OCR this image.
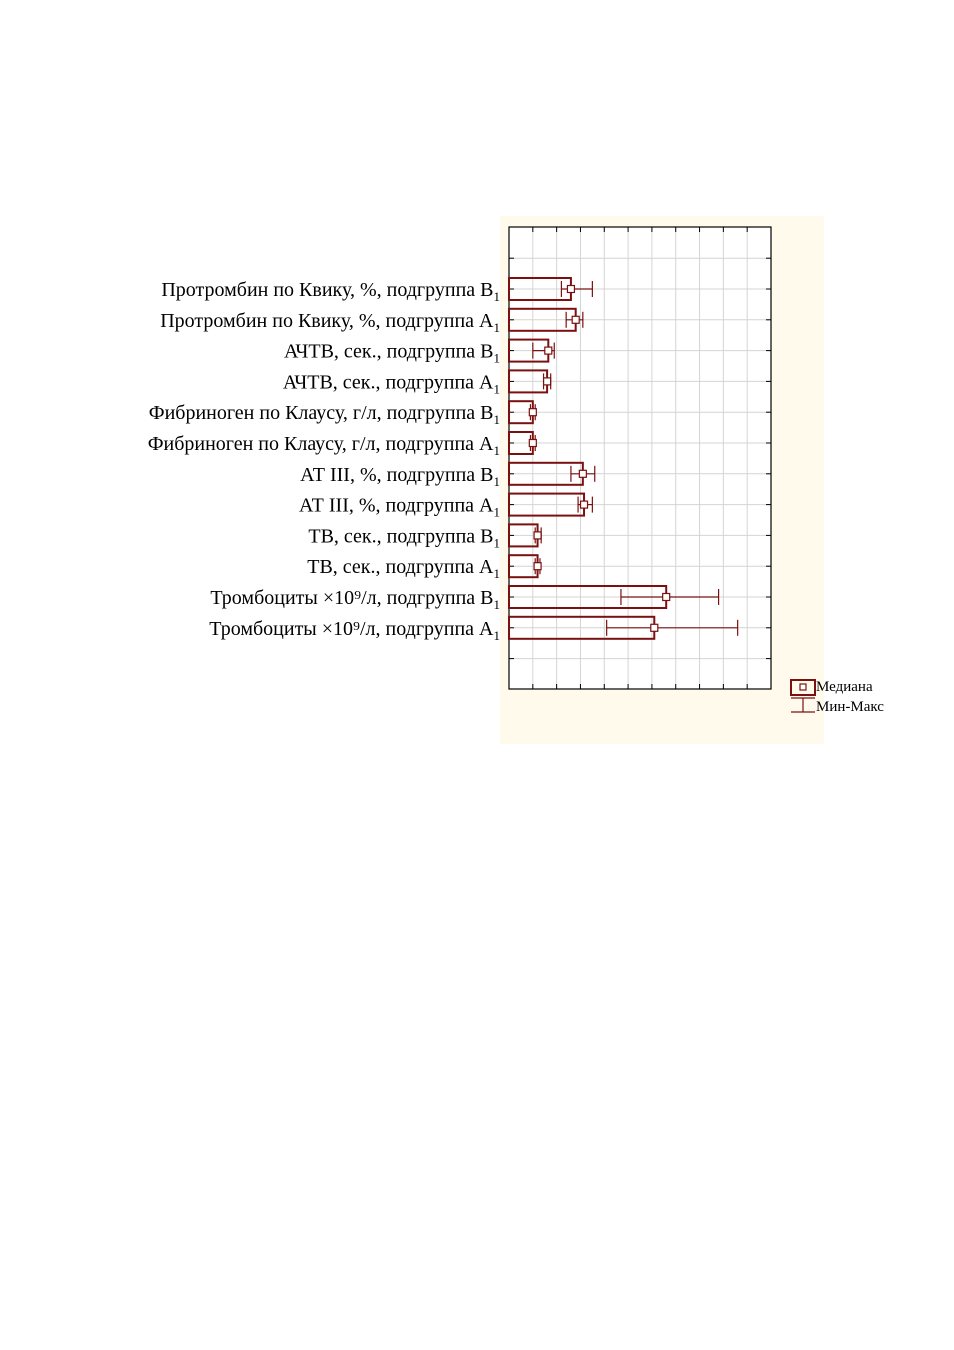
Протромбин по Квику, %, подгруппа $В_1$
Протромбин по Квику, %, подгруппа $А_1$
АЧТВ, сек., подгруппа $В_1$
АЧТВ, сек., подгруппа $А_1$
Фибриноген по Клаусу, г/л, подгруппа $В_1$
Фибриноген по Клаусу, г/л, подгруппа $А_1$
АТ III, %, подгруппа $В_1$
АТ III, %, подгруппа $А_1$
ТВ, сек., подгруппа $В_1$
ТВ, сек., подгруппа $А_1$
Тромбоциты ×10⁹/л, подгруппа $В_1$
Тромбоциты ×10⁹/л, подгруппа $А_1$
Медиана
Мин-Макс
